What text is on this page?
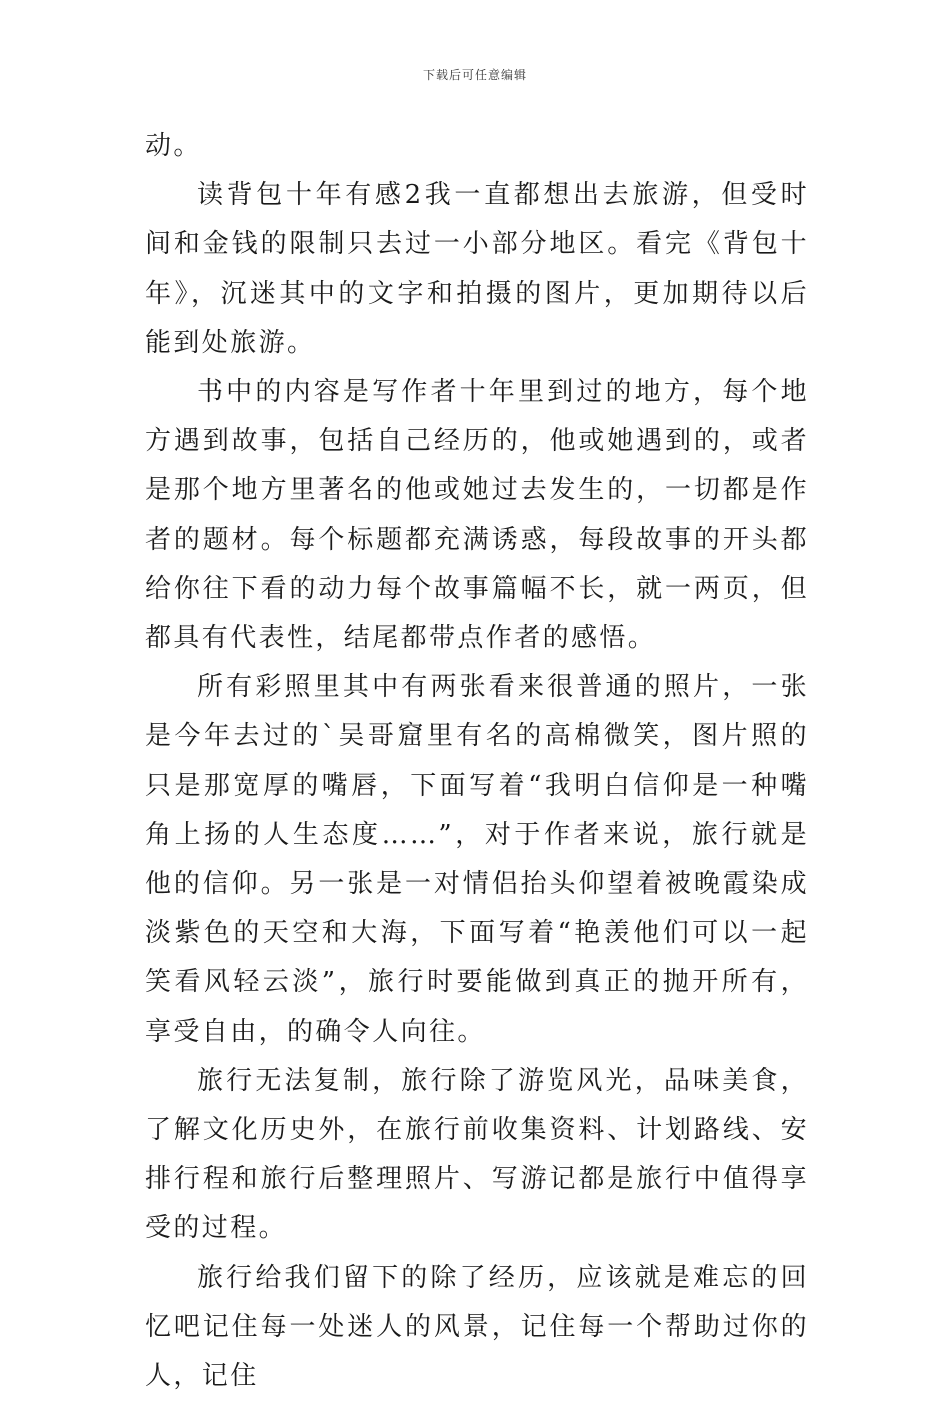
下载后可任意编辑

动。

读背包十年有感2我一直都想出去旅游，但受时间和金钱的限制只去过一小部分地区。看完《背包十年》，沉迷其中的文字和拍摄的图片，更加期待以后能到处旅游。

书中的内容是写作者十年里到过的地方，每个地方遇到故事，包括自己经历的，他或她遇到的，或者是那个地方里著名的他或她过去发生的，一切都是作者的题材。每个标题都充满诱惑，每段故事的开头都给你往下看的动力每个故事篇幅不长，就一两页，但都具有代表性，结尾都带点作者的感悟。

所有彩照里其中有两张看来很普通的照片，一张是今年去过的`吴哥窟里有名的高棉微笑，图片照的只是那宽厚的嘴唇，下面写着“我明白信仰是一种嘴角上扬的人生态度……”，对于作者来说，旅行就是他的信仰。另一张是一对情侣抬头仰望着被晚霞染成淡紫色的天空和大海，下面写着“艳羡他们可以一起笑看风轻云淡”，旅行时要能做到真正的抛开所有，享受自由，的确令人向往。

旅行无法复制，旅行除了游览风光，品味美食，了解文化历史外，在旅行前收集资料、计划路线、安排行程和旅行后整理照片、写游记都是旅行中值得享受的过程。

旅行给我们留下的除了经历，应该就是难忘的回忆吧记住每一处迷人的风景，记住每一个帮助过你的人，记住
